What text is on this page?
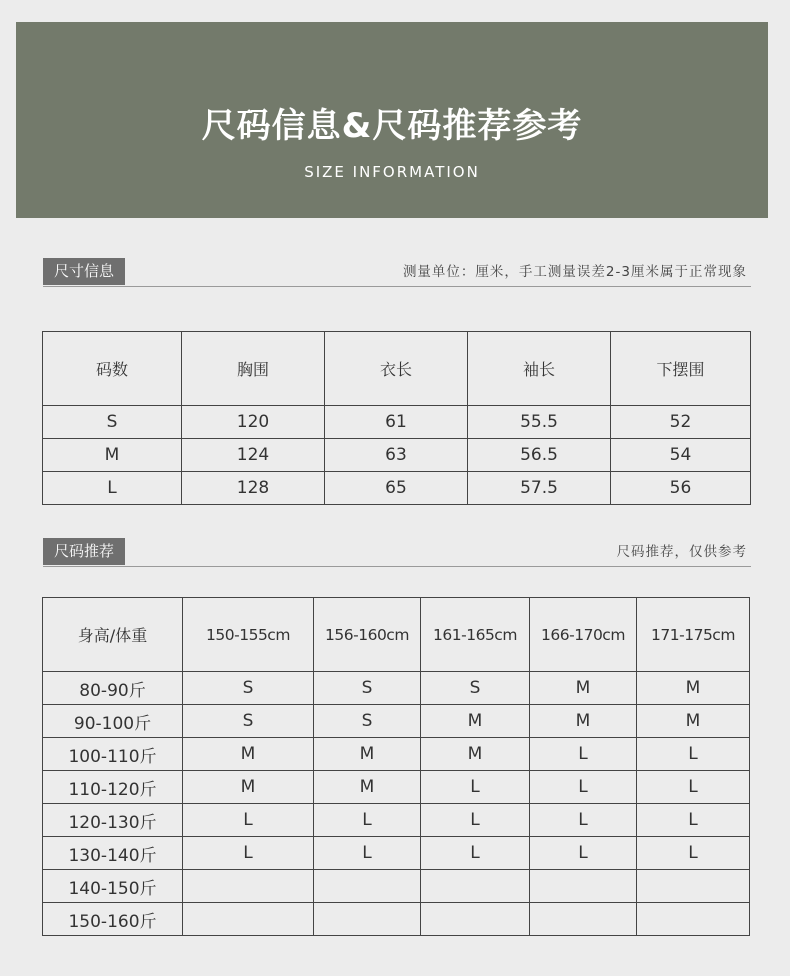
尺码信息&尺码推荐参考
SIZE INFORMATION
尺寸信息	测量单位：厘米，手工测量误差2-3厘米属于正常现象
码数	胸围	衣长	袖长	下摆围
S	120	61	55.5	52
M	124	63	56.5	54
L	128	65	57.5	56
尺码推荐	尺码推荐，仅供参考
身高/体重	150-155cm	156-160cm	161-165cm	166-170cm	171-175cm
80-90斤	S	S	S	M	M
90-100斤	S	S	M	M	M
100-110斤	M	M	M	L	L
110-120斤	M	M	L	L	L
120-130斤	L	L	L	L	L
130-140斤	L	L	L	L	L
140-150斤					
150-160斤					
